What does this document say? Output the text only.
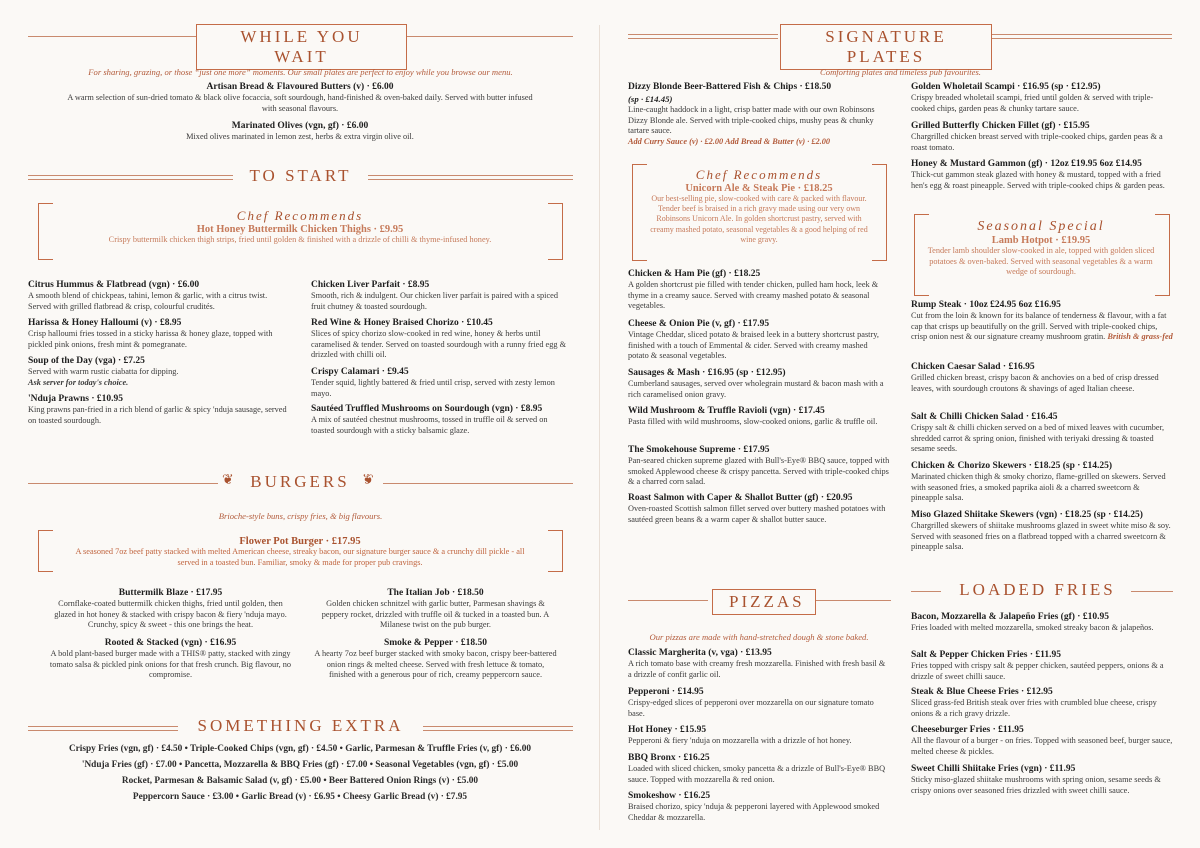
WHILE YOU WAIT
For sharing, grazing, or those “just one more” moments. Our small plates are perfect to enjoy while you browse our menu.
Artisan Bread & Flavoured Butters (v) · £6.00
A warm selection of sun-dried tomato & black olive focaccia, soft sourdough, hand-finished & oven-baked daily. Served with butter infused with seasonal flavours.
Marinated Olives (vgn, gf) · £6.00
Mixed olives marinated in lemon zest, herbs & extra virgin olive oil.
TO START
Chef Recommends
Hot Honey Buttermilk Chicken Thighs · £9.95
Crispy buttermilk chicken thigh strips, fried until golden & finished with a drizzle of chilli & thyme-infused honey.
Citrus Hummus & Flatbread (vgn) · £6.00
A smooth blend of chickpeas, tahini, lemon & garlic, with a citrus twist. Served with grilled flatbread & crisp, colourful crudités.
Harissa & Honey Halloumi (v) · £8.95
Crisp halloumi fries tossed in a sticky harissa & honey glaze, topped with pickled pink onions, fresh mint & pomegranate.
Soup of the Day (vga) · £7.25
Served with warm rustic ciabatta for dipping.
Ask server for today's choice.
'Nduja Prawns · £10.95
King prawns pan-fried in a rich blend of garlic & spicy 'nduja sausage, served on toasted sourdough.
Chicken Liver Parfait · £8.95
Smooth, rich & indulgent. Our chicken liver parfait is paired with a spiced fruit chutney & toasted sourdough.
Red Wine & Honey Braised Chorizo · £10.45
Slices of spicy chorizo slow-cooked in red wine, honey & herbs until caramelised & tender. Served on toasted sourdough with a runny fried egg & drizzled with chilli oil.
Crispy Calamari · £9.45
Tender squid, lightly battered & fried until crisp, served with zesty lemon mayo.
Sautéed Truffled Mushrooms on Sourdough (vgn) · £8.95
A mix of sautéed chestnut mushrooms, tossed in truffle oil & served on toasted sourdough with a sticky balsamic glaze.
❦	❦
BURGERS
Brioche-style buns, crispy fries, & big flavours.
Flower Pot Burger · £17.95
A seasoned 7oz beef patty stacked with melted American cheese, streaky bacon, our signature burger sauce & a crunchy dill pickle - all served in a toasted bun. Familiar, smoky & made for proper pub cravings.
Buttermilk Blaze · £17.95
Cornflake-coated buttermilk chicken thighs, fried until golden, then glazed in hot honey & stacked with crispy bacon & fiery 'nduja mayo. Crunchy, spicy & sweet - this one brings the heat.
The Italian Job · £18.50
Golden chicken schnitzel with garlic butter, Parmesan shavings & peppery rocket, drizzled with truffle oil & tucked in a toasted bun. A Milanese twist on the pub burger.
Rooted & Stacked (vgn) · £16.95
A bold plant-based burger made with a THIS® patty, stacked with zingy tomato salsa & pickled pink onions for that fresh crunch. Big flavour, no compromise.
Smoke & Pepper · £18.50
A hearty 7oz beef burger stacked with smoky bacon, crispy beer-battered onion rings & melted cheese. Served with fresh lettuce & tomato, finished with a generous pour of rich, creamy peppercorn sauce.
SOMETHING EXTRA
Crispy Fries (vgn, gf) · £4.50 • Triple-Cooked Chips (vgn, gf) · £4.50 • Garlic, Parmesan & Truffle Fries (v, gf) · £6.00
'Nduja Fries (gf) · £7.00 • Pancetta, Mozzarella & BBQ Fries (gf) · £7.00 • Seasonal Vegetables (vgn, gf) · £5.00
Rocket, Parmesan & Balsamic Salad (v, gf) · £5.00 • Beer Battered Onion Rings (v) · £5.00
Peppercorn Sauce · £3.00 • Garlic Bread (v) · £6.95 • Cheesy Garlic Bread (v) · £7.95
SIGNATURE PLATES
Comforting plates and timeless pub favourites.
Dizzy Blonde Beer-Battered Fish & Chips · £18.50
(sp · £14.45)
Line-caught haddock in a light, crisp batter made with our own Robinsons Dizzy Blonde ale. Served with triple-cooked chips, mushy peas & chunky tartare sauce.
Add Curry Sauce (v) · £2.00 Add Bread & Butter (v) · £2.00
Chef Recommends
Unicorn Ale & Steak Pie · £18.25
Our best-selling pie, slow-cooked with care & packed with flavour. Tender beef is braised in a rich gravy made using our very own Robinsons Unicorn Ale. In golden shortcrust pastry, served with creamy mashed potato, seasonal vegetables & a good helping of red wine gravy.
Chicken & Ham Pie (gf) · £18.25
A golden shortcrust pie filled with tender chicken, pulled ham hock, leek & thyme in a creamy sauce. Served with creamy mashed potato & seasonal vegetables.
Cheese & Onion Pie (v, gf) · £17.95
Vintage Cheddar, sliced potato & braised leek in a buttery shortcrust pastry, finished with a touch of Emmental & cider. Served with creamy mashed potato & seasonal vegetables.
Sausages & Mash · £16.95 (sp · £12.95)
Cumberland sausages, served over wholegrain mustard & bacon mash with a rich caramelised onion gravy.
Wild Mushroom & Truffle Ravioli (vgn) · £17.45
Pasta filled with wild mushrooms, slow-cooked onions, garlic & truffle oil.
The Smokehouse Supreme · £17.95
Pan-seared chicken supreme glazed with Bull's-Eye® BBQ sauce, topped with smoked Applewood cheese & crispy pancetta. Served with triple-cooked chips & a charred corn salad.
Roast Salmon with Caper & Shallot Butter (gf) · £20.95
Oven-roasted Scottish salmon fillet served over buttery mashed potatoes with sautéed green beans & a warm caper & shallot butter sauce.
Golden Wholetail Scampi · £16.95 (sp · £12.95)
Crispy breaded wholetail scampi, fried until golden & served with triple-cooked chips, garden peas & chunky tartare sauce.
Grilled Butterfly Chicken Fillet (gf) · £15.95
Chargrilled chicken breast served with triple-cooked chips, garden peas & a roast tomato.
Honey & Mustard Gammon (gf) · 12oz £19.95 6oz £14.95
Thick-cut gammon steak glazed with honey & mustard, topped with a fried hen's egg & roast pineapple. Served with triple-cooked chips & garden peas.
Seasonal Special
Lamb Hotpot · £19.95
Tender lamb shoulder slow-cooked in ale, topped with golden sliced potatoes & oven-baked. Served with seasonal vegetables & a warm wedge of sourdough.
Rump Steak · 10oz £24.95 6oz £16.95
Cut from the loin & known for its balance of tenderness & flavour, with a fat cap that crisps up beautifully on the grill. Served with triple-cooked chips, crisp onion nest & our signature creamy mushroom gratin. British & grass-fed
Chicken Caesar Salad · £16.95
Grilled chicken breast, crispy bacon & anchovies on a bed of crisp dressed leaves, with sourdough croutons & shavings of aged Italian cheese.
Salt & Chilli Chicken Salad · £16.45
Crispy salt & chilli chicken served on a bed of mixed leaves with cucumber, shredded carrot & spring onion, finished with teriyaki dressing & toasted sesame seeds.
Chicken & Chorizo Skewers · £18.25 (sp · £14.25)
Marinated chicken thigh & smoky chorizo, flame-grilled on skewers. Served with seasoned fries, a smoked paprika aioli & a charred sweetcorn & pineapple salsa.
Miso Glazed Shiitake Skewers (vgn) · £18.25 (sp · £14.25)
Chargrilled skewers of shiitake mushrooms glazed in sweet white miso & soy. Served with seasoned fries on a flatbread topped with a charred sweetcorn & pineapple salsa.
PIZZAS
Our pizzas are made with hand-stretched dough & stone baked.
Classic Margherita (v, vga) · £13.95
A rich tomato base with creamy fresh mozzarella. Finished with fresh basil & a drizzle of confit garlic oil.
Pepperoni · £14.95
Crispy-edged slices of pepperoni over mozzarella on our signature tomato base.
Hot Honey · £15.95
Pepperoni & fiery 'nduja on mozzarella with a drizzle of hot honey.
BBQ Bronx · £16.25
Loaded with sliced chicken, smoky pancetta & a drizzle of Bull's-Eye® BBQ sauce. Topped with mozzarella & red onion.
Smokeshow · £16.25
Braised chorizo, spicy 'nduja & pepperoni layered with Applewood smoked Cheddar & mozzarella.
LOADED FRIES
Bacon, Mozzarella & Jalapeño Fries (gf) · £10.95
Fries loaded with melted mozzarella, smoked streaky bacon & jalapeños.
Salt & Pepper Chicken Fries · £11.95
Fries topped with crispy salt & pepper chicken, sautéed peppers, onions & a drizzle of sweet chilli sauce.
Steak & Blue Cheese Fries · £12.95
Sliced grass-fed British steak over fries with crumbled blue cheese, crispy onions & a rich gravy drizzle.
Cheeseburger Fries · £11.95
All the flavour of a burger - on fries. Topped with seasoned beef, burger sauce, melted cheese & pickles.
Sweet Chilli Shiitake Fries (vgn) · £11.95
Sticky miso-glazed shiitake mushrooms with spring onion, sesame seeds & crispy onions over seasoned fries drizzled with sweet chilli sauce.
